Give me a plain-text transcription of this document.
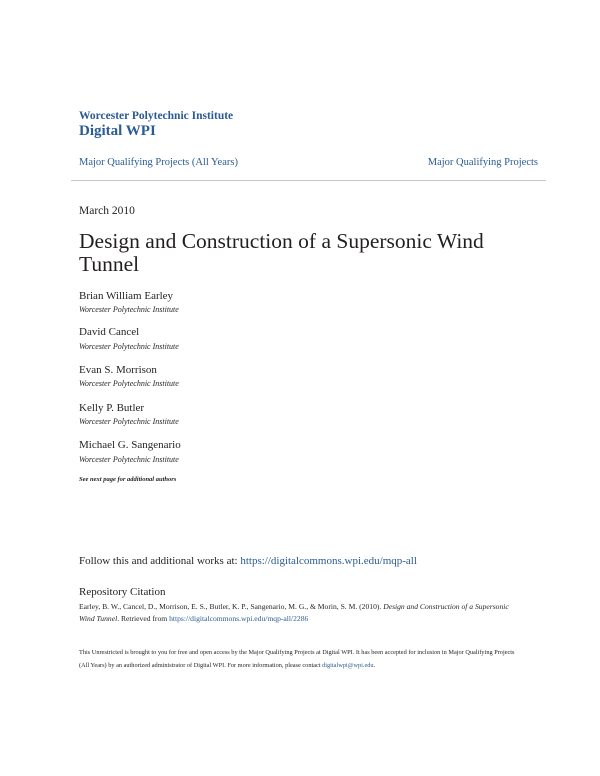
Worcester Polytechnic Institute
Digital WPI
Major Qualifying Projects (All Years)	Major Qualifying Projects
March 2010
Design and Construction of a Supersonic Wind Tunnel
Brian William Earley
Worcester Polytechnic Institute
David Cancel
Worcester Polytechnic Institute
Evan S. Morrison
Worcester Polytechnic Institute
Kelly P. Butler
Worcester Polytechnic Institute
Michael G. Sangenario
Worcester Polytechnic Institute
See next page for additional authors
Follow this and additional works at: https://digitalcommons.wpi.edu/mqp-all
Repository Citation
Earley, B. W., Cancel, D., Morrison, E. S., Butler, K. P., Sangenario, M. G., & Morin, S. M. (2010). Design and Construction of a Supersonic Wind Tunnel. Retrieved from https://digitalcommons.wpi.edu/mqp-all/2286
This Unrestricted is brought to you for free and open access by the Major Qualifying Projects at Digital WPI. It has been accepted for inclusion in Major Qualifying Projects (All Years) by an authorized administrator of Digital WPI. For more information, please contact digitalwpi@wpi.edu.
